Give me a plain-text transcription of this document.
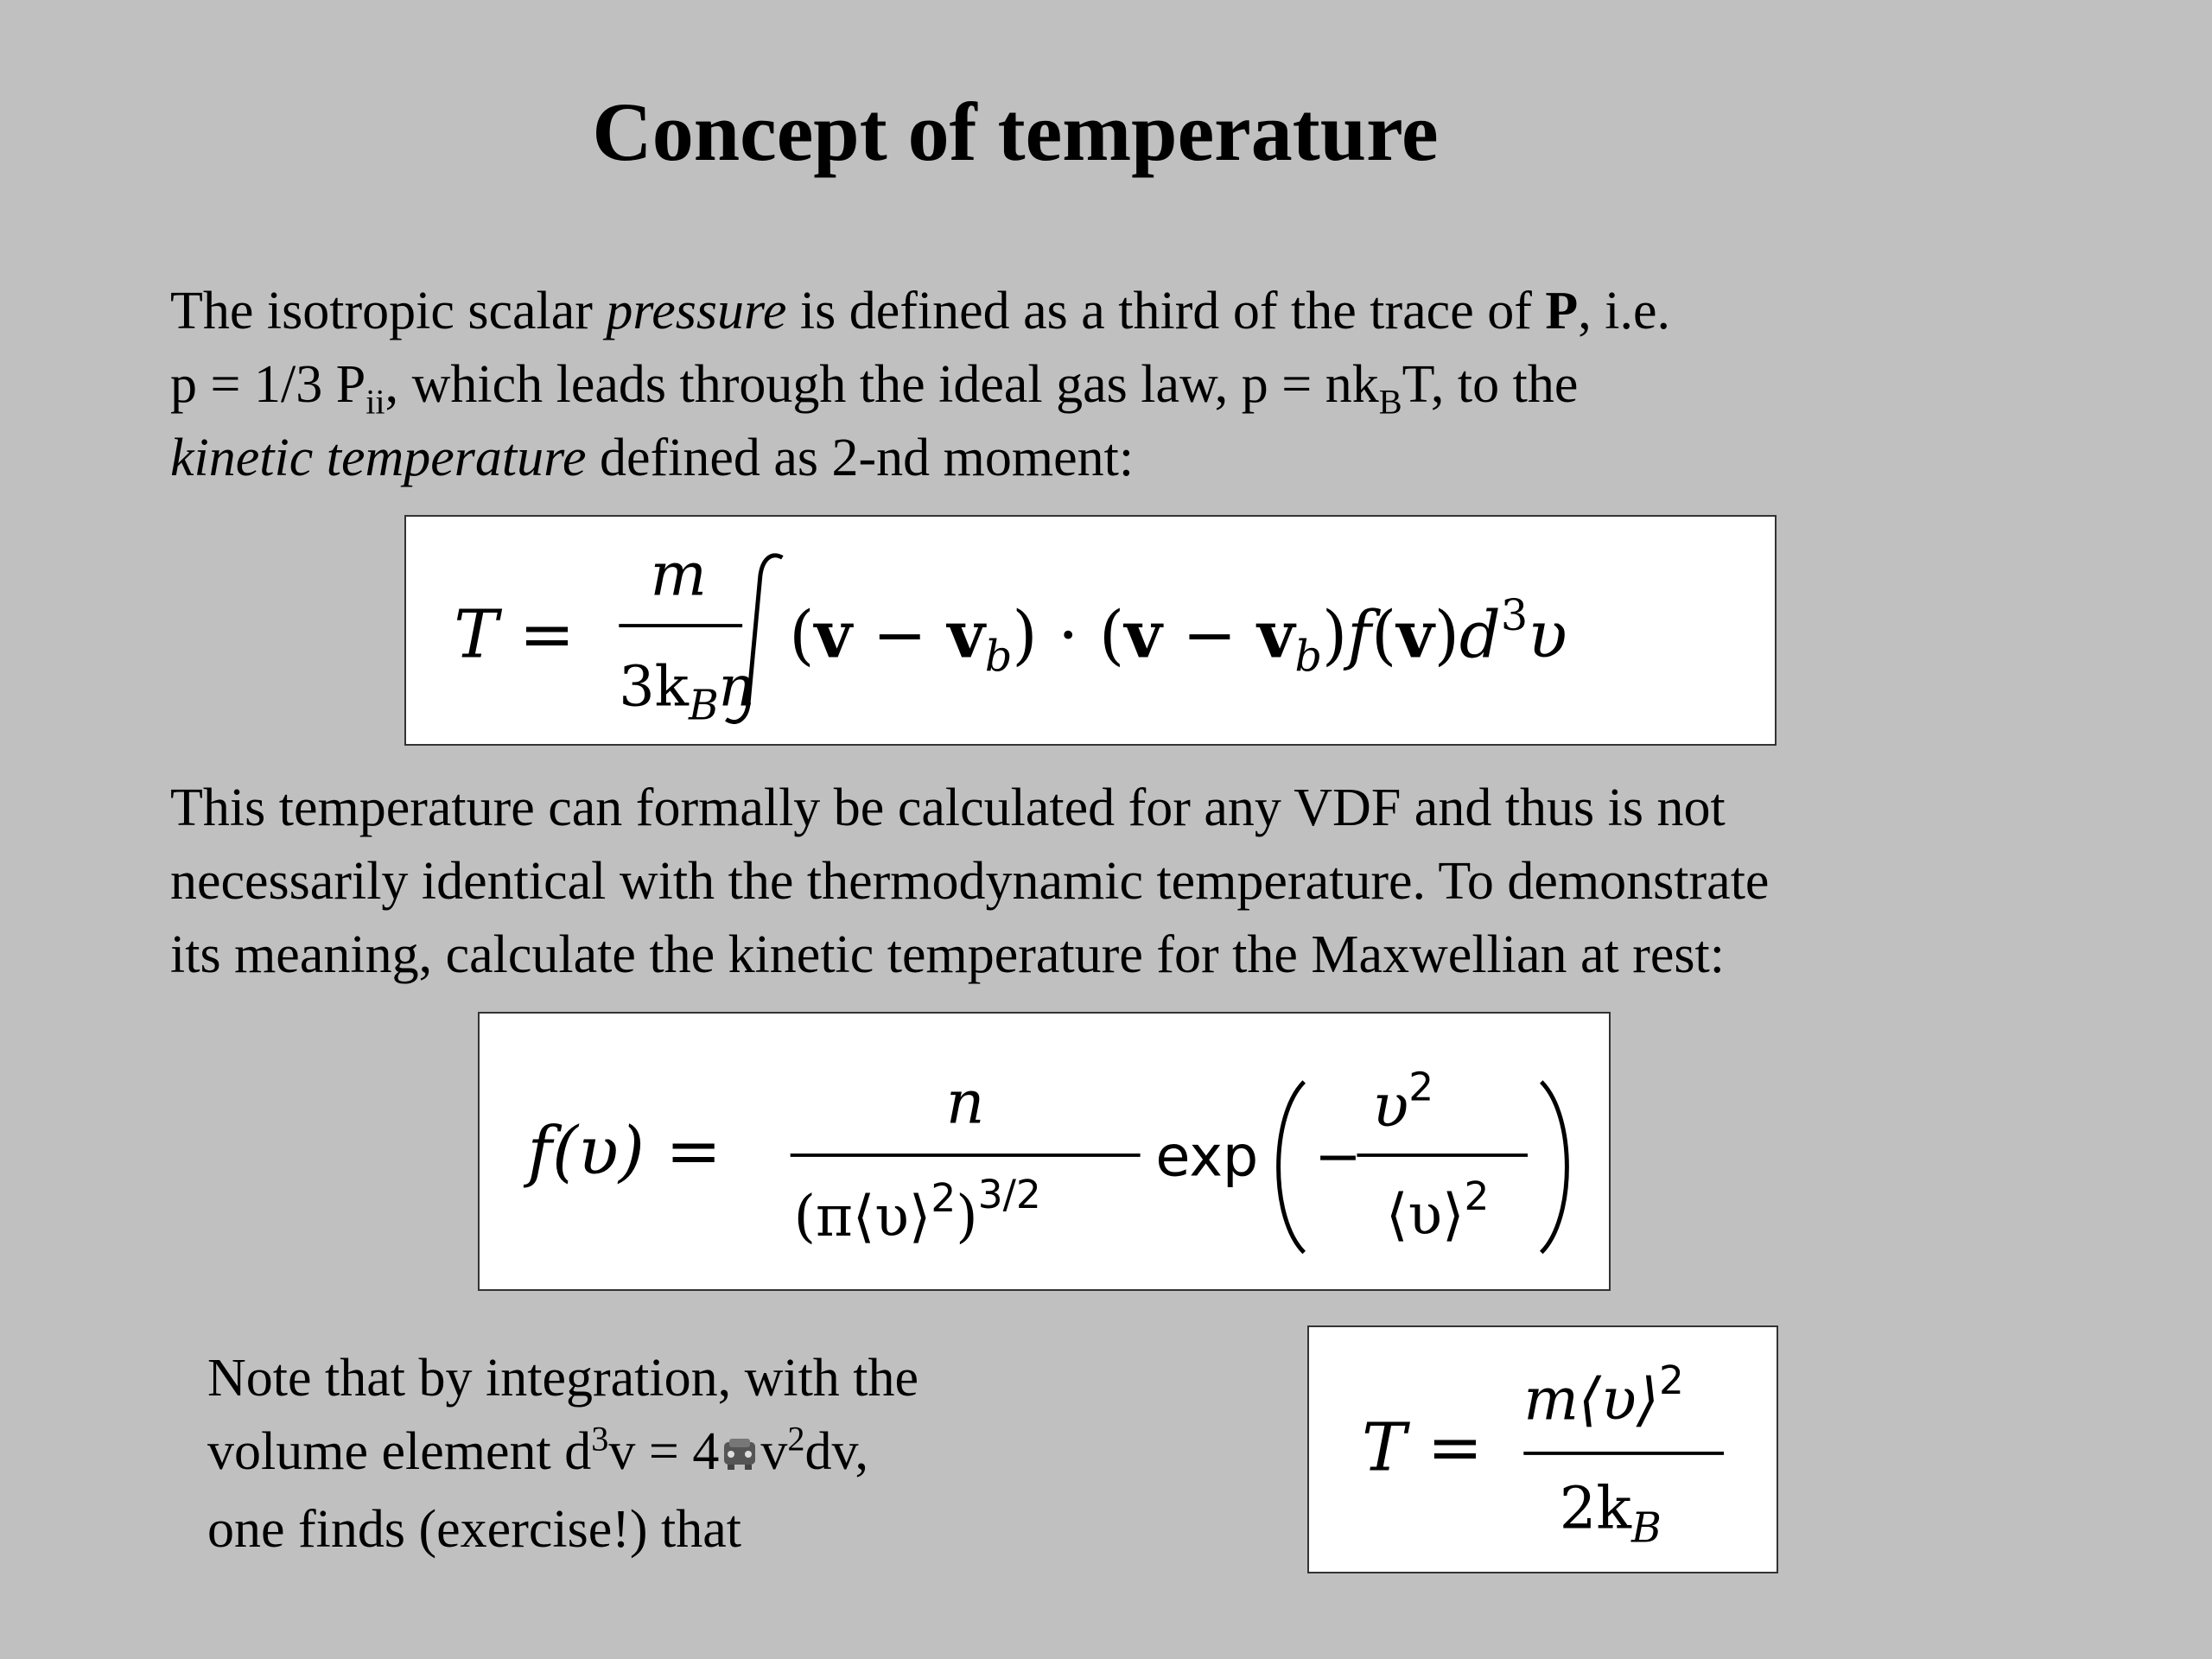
Concept of temperature
The isotropic scalar pressure is defined as a third of the trace of P, i.e.
p = 1/3 $P_{ii}$, which leads through the ideal gas law, $p = nk_BT$, to the
kinetic temperature defined as 2-nd moment:
T =
m
$3k_Bn$
$(v - v_b) \cdot (v - v_b)f(v)d^3\upsilon$
This temperature can formally be calculated for any VDF and thus is not
necessarily identical with the thermodynamic temperature. To demonstrate
its meaning, calculate the kinetic temperature for the Maxwellian at rest:
f(υ) =
n
(π⟨υ⟩$^2$)$^{3/2}$
exp −
$\upsilon^2$
⟨υ⟩$^2$
Note that by integration, with the
volume element $d^3v = 4$ $v^2dv$,
one finds (exercise!) that
T =
m⟨υ⟩$^2$
$2k_B$
